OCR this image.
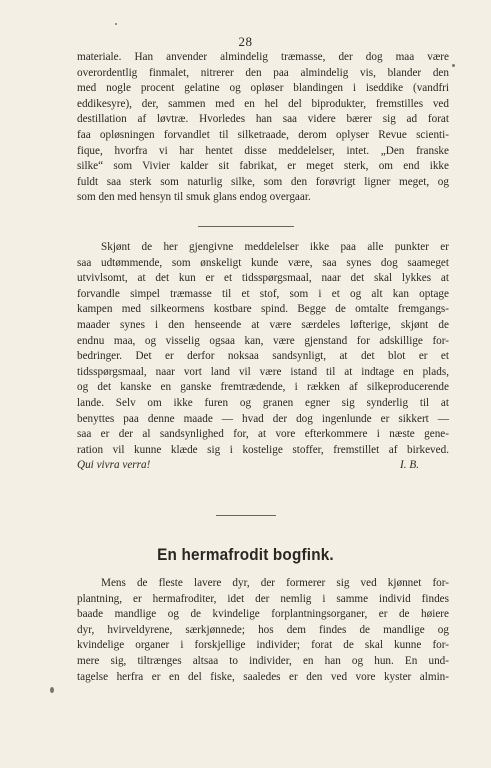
28
materiale. Han anvender almindelig træmasse, der dog maa være
overordentlig finmalet, nitrerer den paa almindelig vis, blander den
med nogle procent gelatine og opløser blandingen i iseddike (vandfri
eddikesyre), der, sammen med en hel del biprodukter, fremstilles ved
destillation af løvtræ. Hvorledes han saa videre bærer sig ad forat
faa opløsningen forvandlet til silketraade, derom oplyser Revue scienti-
fique, hvorfra vi har hentet disse meddelelser, intet. „Den franske
silke“ som Vivier kalder sit fabrikat, er meget sterk, om end ikke
fuldt saa sterk som naturlig silke, som den forøvrigt ligner meget, og
som den med hensyn til smuk glans endog overgaar.
Skjønt de her gjengivne meddelelser ikke paa alle punkter er
saa udtømmende, som ønskeligt kunde være, saa synes dog saameget
utvivlsomt, at det kun er et tidsspørgsmaal, naar det skal lykkes at
forvandle simpel træmasse til et stof, som i et og alt kan optage
kampen med silkeormens kostbare spind. Begge de omtalte fremgangs-
maader synes i den henseende at være særdeles løfterige, skjønt de
endnu maa, og visselig ogsaa kan, være gjenstand for adskillige for-
bedringer. Det er derfor noksaa sandsynligt, at det blot er et
tidsspørgsmaal, naar vort land vil være istand til at indtage en plads,
og det kanske en ganske fremtrædende, i rækken af silkeproducerende
lande. Selv om ikke furen og granen egner sig synderlig til at
benyttes paa denne maade — hvad der dog ingenlunde er sikkert —
saa er der al sandsynlighed for, at vore efterkommere i næste gene-
ration vil kunne klæde sig i kostelige stoffer, fremstillet af birkeved.
Qui vivra verra!	I. B.
En hermafrodit bogfink.
Mens de fleste lavere dyr, der formerer sig ved kjønnet for-
plantning, er hermafroditer, idet der nemlig i samme individ findes
baade mandlige og de kvindelige forplantningsorganer, er de høiere
dyr, hvirveldyrene, særkjønnede; hos dem findes de mandlige og
kvindelige organer i forskjellige individer; forat de skal kunne for-
mere sig, tiltrænges altsaa to individer, en han og hun. En und-
tagelse herfra er en del fiske, saaledes er den ved vore kyster almin-
